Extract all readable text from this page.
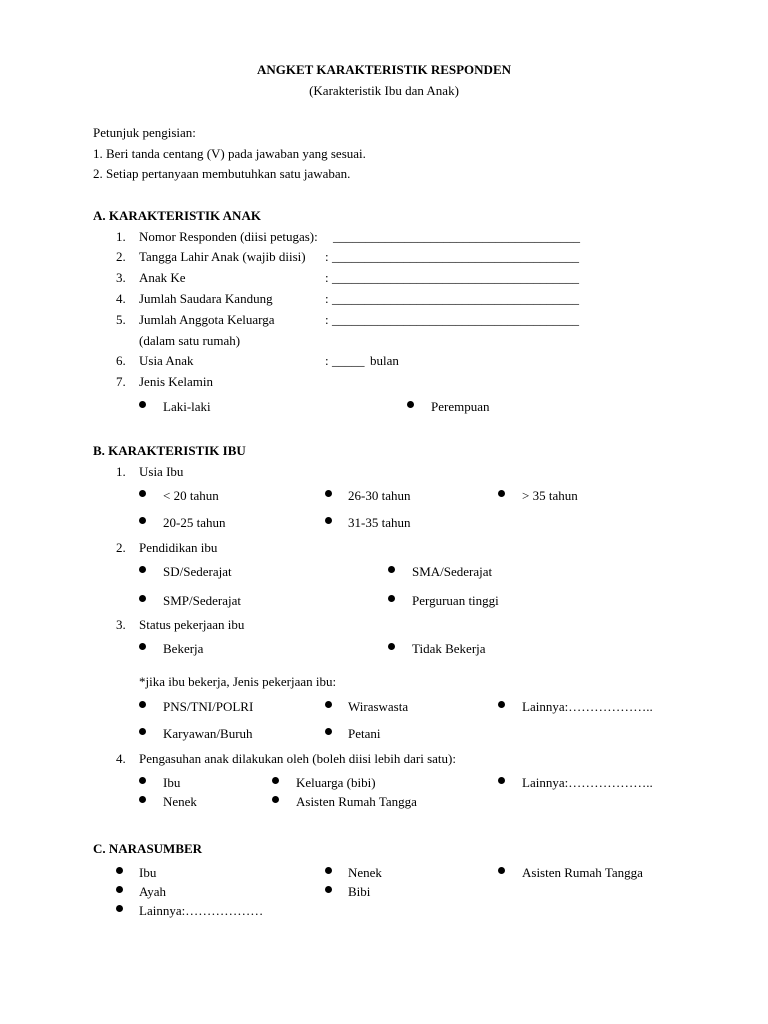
ANGKET KARAKTERISTIK RESPONDEN
(Karakteristik Ibu dan Anak)
Petunjuk pengisian:
1. Beri tanda centang (V) pada jawaban yang sesuai.
2. Setiap pertanyaan membutuhkan satu jawaban.
A. KARAKTERISTIK ANAK
1. Nomor Responden (diisi petugas): ______________________________________
2. Tangga Lahir Anak (wajib diisi) : ______________________________________
3. Anak Ke	: ______________________________________
4. Jumlah Saudara Kandung	: ______________________________________
5. Jumlah Anggota Keluarga	: ______________________________________
(dalam satu rumah)
6. Usia Anak	: _____ bulan
7. Jenis Kelamin
Laki-laki	Perempuan
B. KARAKTERISTIK IBU
1. Usia Ibu
< 20 tahun	26-30 tahun	> 35 tahun
20-25 tahun	31-35 tahun
2. Pendidikan ibu
SD/Sederajat	SMA/Sederajat
SMP/Sederajat	Perguruan tinggi
3. Status pekerjaan ibu
Bekerja	Tidak Bekerja
*jika ibu bekerja, Jenis pekerjaan ibu:
PNS/TNI/POLRI	Wiraswasta	Lainnya:………………..
Karyawan/Buruh	Petani
4. Pengasuhan anak dilakukan oleh (boleh diisi lebih dari satu):
Ibu	Keluarga (bibi)	Lainnya:………………..
Nenek	Asisten Rumah Tangga
C. NARASUMBER
Ibu	Nenek	Asisten Rumah Tangga
Ayah	Bibi
Lainnya:………………
